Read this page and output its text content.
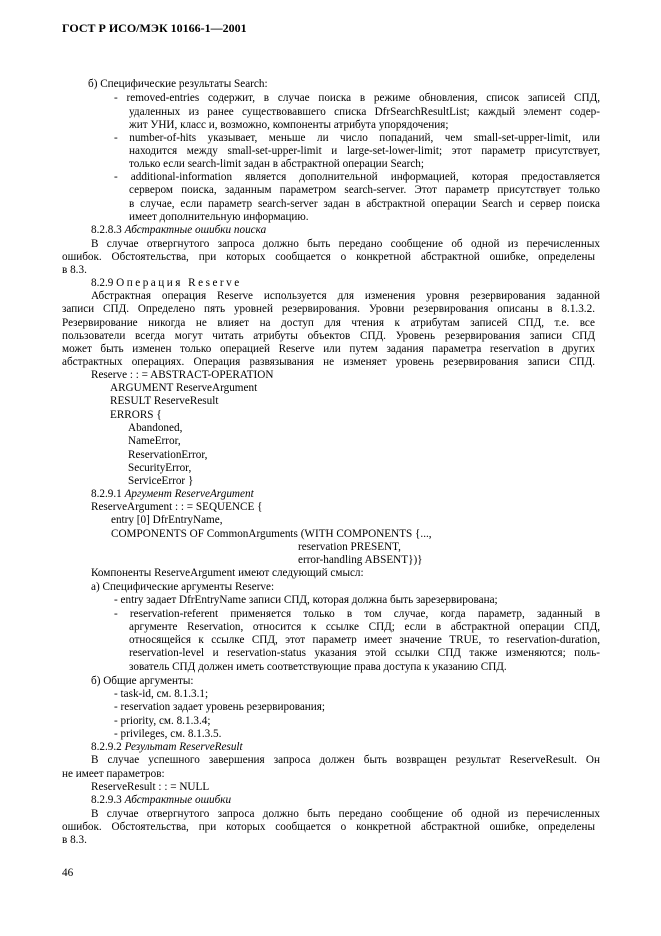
ГОСТ Р ИСО/МЭК 10166-1—2001
б) Специфические результаты Search:
- removed-entries содержит, в случае поиска в режиме обновления, список записей СПД,
удаленных из ранее существовавшего списка DfrSearchResultList; каждый элемент содер-
жит УНИ, класс и, возможно, компоненты атрибута упорядочения;
- number-of-hits указывает, меньше ли число попаданий, чем small-set-upper-limit, или
находится между small-set-upper-limit и large-set-lower-limit; этот параметр присутствует,
только если search-limit задан в абстрактной операции Search;
- additional-information является дополнительной информацией, которая предоставляется
сервером поиска, заданным параметром search-server. Этот параметр присутствует только
в случае, если параметр search-server задан в абстрактной операции Search и сервер поиска
имеет дополнительную информацию.
8.2.8.3 Абстрактные ошибки поиска
В случае отвергнутого запроса должно быть передано сообщение об одной из перечисленных
ошибок. Обстоятельства, при которых сообщается о конкретной абстрактной ошибке, определены
в 8.3.
8.2.9 Операция Reserve
Абстрактная операция Reserve используется для изменения уровня резервирования заданной
записи СПД. Определено пять уровней резервирования. Уровни резервирования описаны в 8.1.3.2.
Резервирование никогда не влияет на доступ для чтения к атрибутам записей СПД, т.е. все
пользователи всегда могут читать атрибуты объектов СПД. Уровень резервирования записи СПД
может быть изменен только операцией Reserve или путем задания параметра reservation в других
абстрактных операциях. Операция развязывания не изменяет уровень резервирования записи СПД.
Reserve : : = ABSTRACT-OPERATION
ARGUMENT ReserveArgument
RESULT ReserveResult
ERRORS {
Abandoned,
NameError,
ReservationError,
SecurityError,
ServiceError }
8.2.9.1 Аргумент ReserveArgument
ReserveArgument : : = SEQUENCE {
entry [0] DfrEntryName,
COMPONENTS OF CommonArguments (WITH COMPONENTS {...,
reservation PRESENT,
error-handling ABSENT})}
Компоненты ReserveArgument имеют следующий смысл:
а) Специфические аргументы Reserve:
- entry задает DfrEntryName записи СПД, которая должна быть зарезервирована;
- reservation-referent применяется только в том случае, когда параметр, заданный в
аргументе Reservation, относится к ссылке СПД; если в абстрактной операции СПД,
относящейся к ссылке СПД, этот параметр имеет значение TRUE, то reservation-duration,
reservation-level и reservation-status указания этой ссылки СПД также изменяются; поль-
зователь СПД должен иметь соответствующие права доступа к указанию СПД.
б) Общие аргументы:
- task-id, см. 8.1.3.1;
- reservation задает уровень резервирования;
- priority, см. 8.1.3.4;
- privileges, см. 8.1.3.5.
8.2.9.2 Результат ReserveResult
В случае успешного завершения запроса должен быть возвращен результат ReserveResult. Он
не имеет параметров:
ReserveResult : : = NULL
8.2.9.3 Абстрактные ошибки
В случае отвергнутого запроса должно быть передано сообщение об одной из перечисленных
ошибок. Обстоятельства, при которых сообщается о конкретной абстрактной ошибке, определены
в 8.3.
46
